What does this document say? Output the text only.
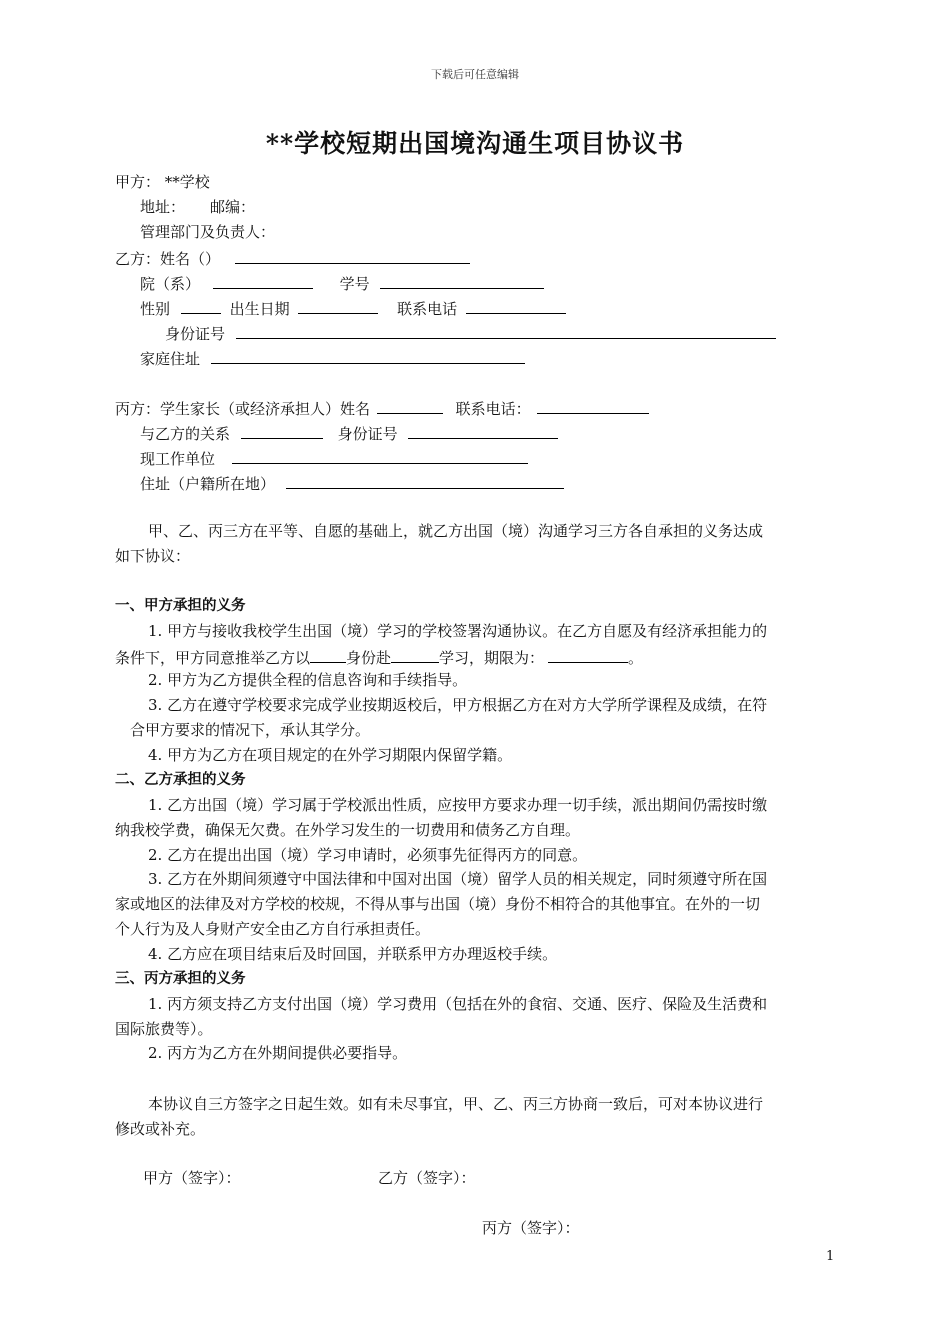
下载后可任意编辑
**学校短期出国境沟通生项目协议书
甲方： **学校
地址： 邮编：
管理部门及负责人：
乙方：姓名（）
院（系）	学号
性别	出生日期	联系电话
身份证号
家庭住址
丙方：学生家长（或经济承担人）姓名	联系电话：
与乙方的关系	身份证号
现工作单位
住址（户籍所在地）
甲、乙、丙三方在平等、自愿的基础上，就乙方出国（境）沟通学习三方各自承担的义务达成
如下协议：
一、甲方承担的义务
1. 甲方与接收我校学生出国（境）学习的学校签署沟通协议。在乙方自愿及有经济承担能力的
条件下，甲方同意推举乙方以 身份赴	学习，期限为：	。
2. 甲方为乙方提供全程的信息咨询和手续指导。
3. 乙方在遵守学校要求完成学业按期返校后，甲方根据乙方在对方大学所学课程及成绩，在符
合甲方要求的情况下，承认其学分。
4. 甲方为乙方在项目规定的在外学习期限内保留学籍。
二、乙方承担的义务
1. 乙方出国（境）学习属于学校派出性质，应按甲方要求办理一切手续，派出期间仍需按时缴
纳我校学费，确保无欠费。在外学习发生的一切费用和债务乙方自理。
2. 乙方在提出出国（境）学习申请时，必须事先征得丙方的同意。
3. 乙方在外期间须遵守中国法律和中国对出国（境）留学人员的相关规定，同时须遵守所在国
家或地区的法律及对方学校的校规，不得从事与出国（境）身份不相符合的其他事宜。在外的一切
个人行为及人身财产安全由乙方自行承担责任。
4. 乙方应在项目结束后及时回国，并联系甲方办理返校手续。
三、丙方承担的义务
1. 丙方须支持乙方支付出国（境）学习费用（包括在外的食宿、交通、医疗、保险及生活费和
国际旅费等）。
2. 丙方为乙方在外期间提供必要指导。
本协议自三方签字之日起生效。如有未尽事宜，甲、乙、丙三方协商一致后，可对本协议进行
修改或补充。
甲方（签字）：	乙方（签字）：
丙方（签字）：
1
